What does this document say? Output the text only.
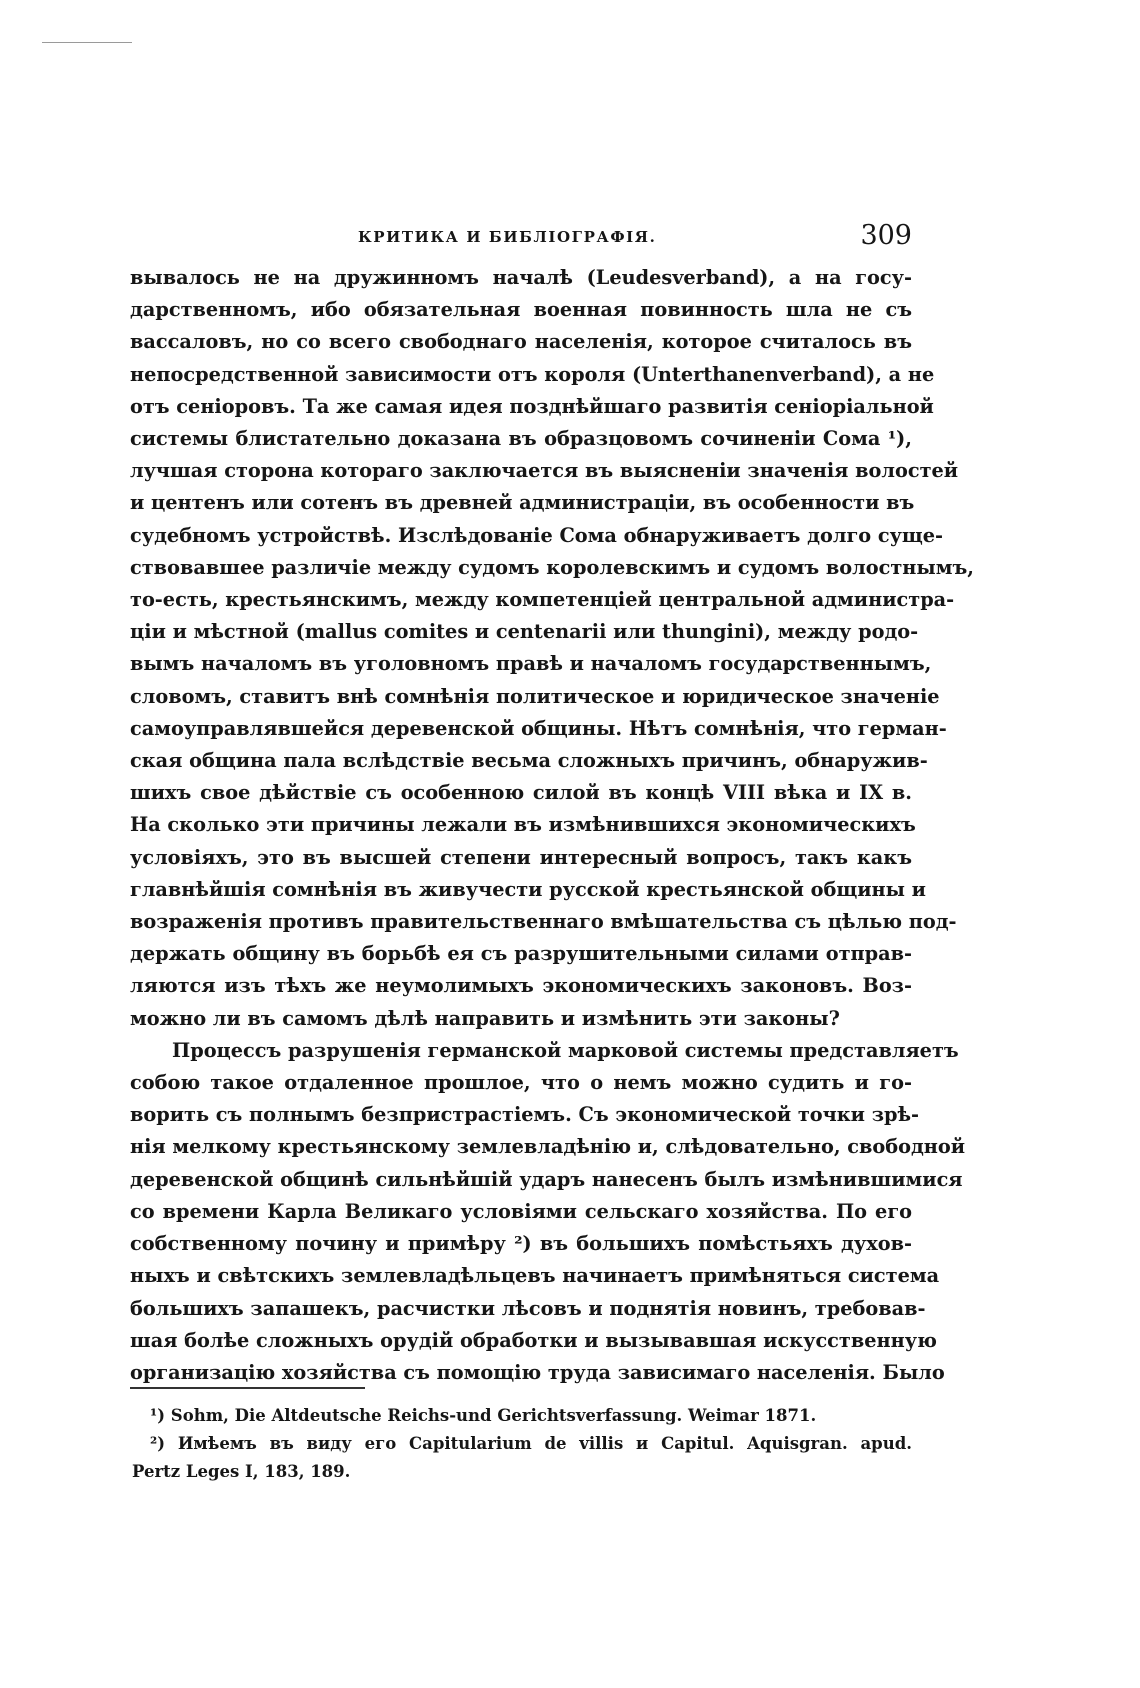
КРИТИКА И БИБЛІОГРАФІЯ.	309
вывалось не на дружинномъ началѣ (Leudesverband), а на госу-
дарственномъ, ибо обязательная военная повинность шла не съ
вассаловъ, но со всего свободнаго населенія, которое считалось въ
непосредственной зависимости отъ короля (Unterthanenverband), а не
отъ сеніоровъ. Та же самая идея позднѣйшаго развитія сеніоріальной
системы блистательно доказана въ образцовомъ сочиненіи Сома ¹),
лучшая сторона котораго заключается въ выясненіи значенія волостей
и центенъ или сотенъ въ древней администраціи, въ особенности въ
судебномъ устройствѣ. Изслѣдованіе Сома обнаруживаетъ долго суще-
ствовавшее различіе между судомъ королевскимъ и судомъ волостнымъ,
то-есть, крестьянскимъ, между компетенціей центральной администра-
ціи и мѣстной (mallus comites и centenarii или thungini), между родо-
вымъ началомъ въ уголовномъ правѣ и началомъ государственнымъ,
словомъ, ставитъ внѣ сомнѣнія политическое и юридическое значеніе
самоуправлявшейся деревенской общины. Нѣтъ сомнѣнія, что герман-
ская община пала вслѣдствіе весьма сложныхъ причинъ, обнаружив-
шихъ свое дѣйствіе съ особенною силой въ концѣ VIII вѣка и IX в.
На сколько эти причины лежали въ измѣнившихся экономическихъ
условіяхъ, это въ высшей степени интересный вопросъ, такъ какъ
главнѣйшія сомнѣнія въ живучести русской крестьянской общины и
возраженія противъ правительственнаго вмѣшательства съ цѣлью под-
держать общину въ борьбѣ ея съ разрушительными силами отправ-
ляются изъ тѣхъ же неумолимыхъ экономическихъ законовъ. Воз-
можно ли въ самомъ дѣлѣ направить и измѣнить эти законы?
Процессъ разрушенія германской марковой системы представляетъ
собою такое отдаленное прошлое, что о немъ можно судить и го-
ворить съ полнымъ безпристрастіемъ. Съ экономической точки зрѣ-
нія мелкому крестьянскому землевладѣнію и, слѣдовательно, свободной
деревенской общинѣ сильнѣйшій ударъ нанесенъ былъ измѣнившимися
со времени Карла Великаго условіями сельскаго хозяйства. По его
собственному почину и примѣру ²) въ большихъ помѣстьяхъ духов-
ныхъ и свѣтскихъ землевладѣльцевъ начинаетъ примѣняться система
большихъ запашекъ, расчистки лѣсовъ и поднятія новинъ, требовав-
шая болѣе сложныхъ орудій обработки и вызывавшая искусственную
организацію хозяйства съ помощію труда зависимаго населенія. Было
¹) Sohm, Die Altdeutsche Reichs-und Gerichtsverfassung. Weimar 1871.
²) Имѣемъ въ виду его Capitularium de villis и Capitul. Aquisgran. apud.
Pertz Leges I, 183, 189.
